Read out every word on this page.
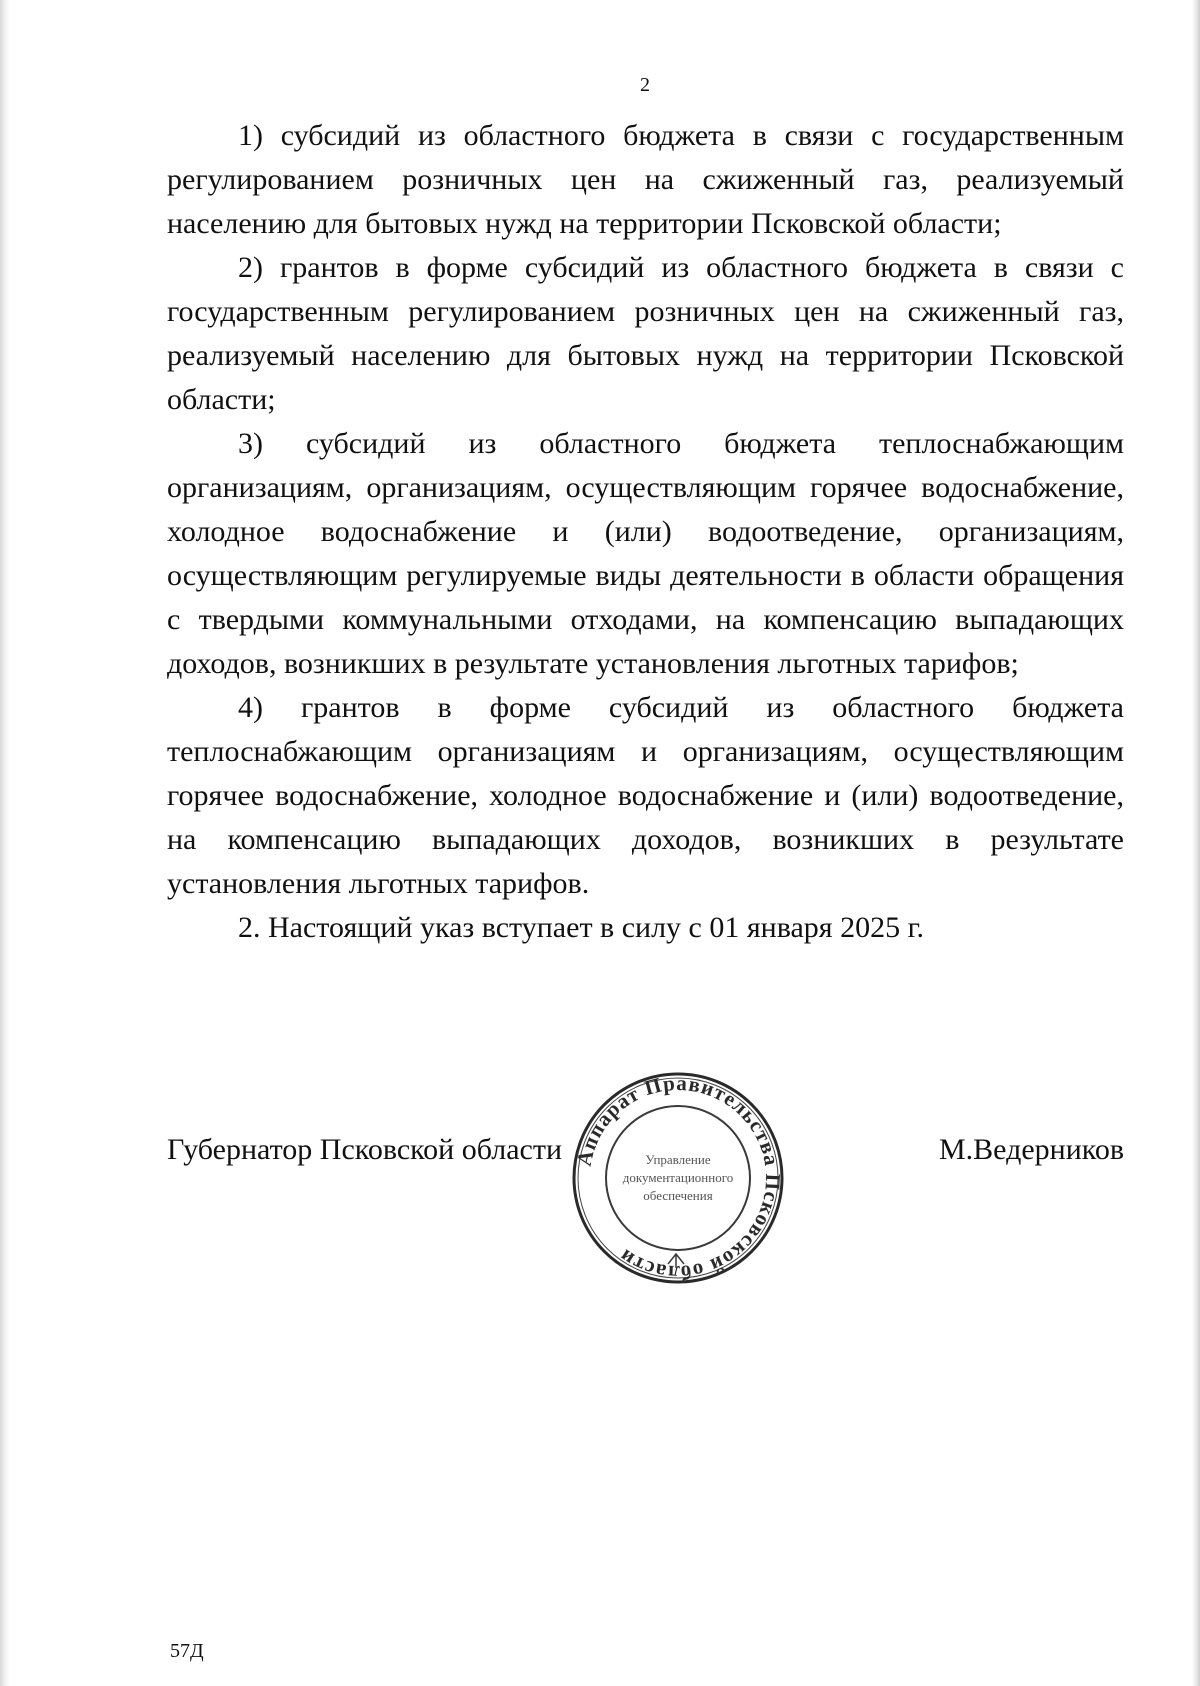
2

1) субсидий из областного бюджета в связи с государственным регулированием розничных цен на сжиженный газ, реализуемый населению для бытовых нужд на территории Псковской области;

2) грантов в форме субсидий из областного бюджета в связи с государственным регулированием розничных цен на сжиженный газ, реализуемый населению для бытовых нужд на территории Псковской области;

3) субсидий из областного бюджета теплоснабжающим организациям, организациям, осуществляющим горячее водоснабжение, холодное водоснабжение и (или) водоотведение, организациям, осуществляющим регулируемые виды деятельности в области обращения с твердыми коммунальными отходами, на компенсацию выпадающих доходов, возникших в результате установления льготных тарифов;

4) грантов в форме субсидий из областного бюджета теплоснабжающим организациям и организациям, осуществляющим горячее водоснабжение, холодное водоснабжение и (или) водоотведение, на компенсацию выпадающих доходов, возникших в результате установления льготных тарифов.

2. Настоящий указ вступает в силу с 01 января 2025 г.

Губернатор Псковской области	М.Ведерников
Аппарат Правительства Псковской области
Управление
документационного
обеспечения
57Д
